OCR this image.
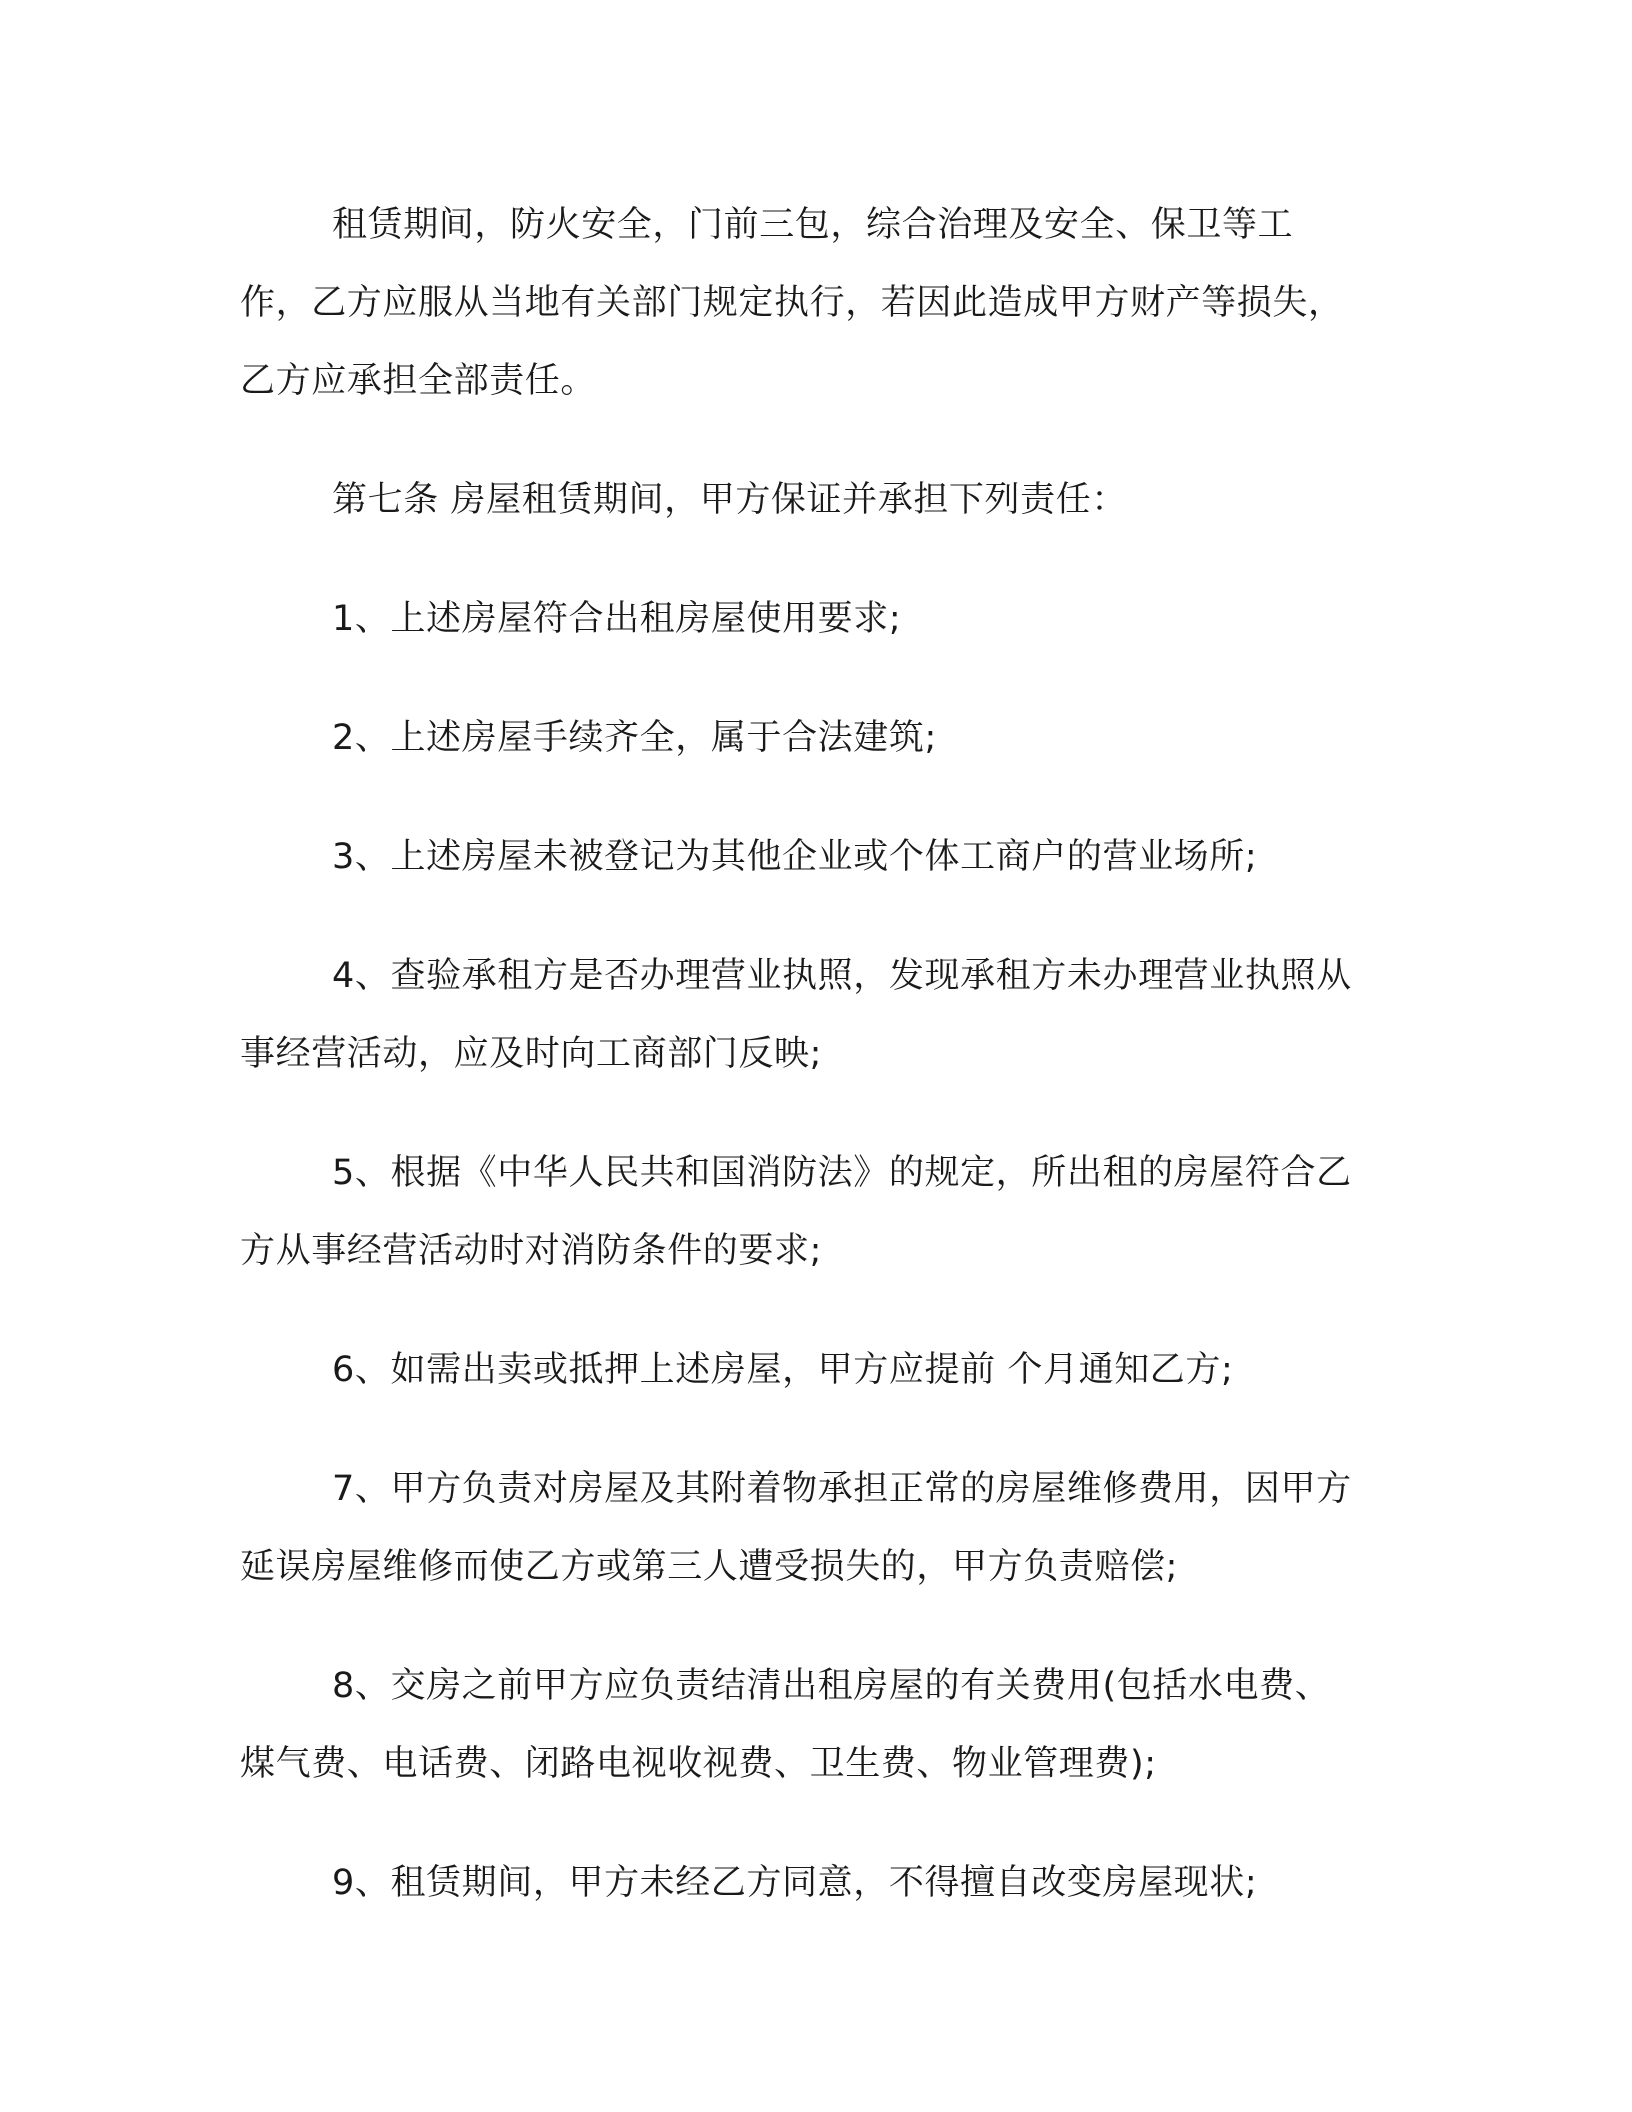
租赁期间，防火安全，门前三包，综合治理及安全、保卫等工作，乙方应服从当地有关部门规定执行，若因此造成甲方财产等损失，乙方应承担全部责任。

第七条 房屋租赁期间，甲方保证并承担下列责任：

1、上述房屋符合出租房屋使用要求;

2、上述房屋手续齐全，属于合法建筑;

3、上述房屋未被登记为其他企业或个体工商户的营业场所;

4、查验承租方是否办理营业执照，发现承租方未办理营业执照从事经营活动，应及时向工商部门反映;

5、根据《中华人民共和国消防法》的规定，所出租的房屋符合乙方从事经营活动时对消防条件的要求;

6、如需出卖或抵押上述房屋，甲方应提前 个月通知乙方;

7、甲方负责对房屋及其附着物承担正常的房屋维修费用，因甲方延误房屋维修而使乙方或第三人遭受损失的，甲方负责赔偿;

8、交房之前甲方应负责结清出租房屋的有关费用(包括水电费、煤气费、电话费、闭路电视收视费、卫生费、物业管理费);

9、租赁期间，甲方未经乙方同意，不得擅自改变房屋现状;
